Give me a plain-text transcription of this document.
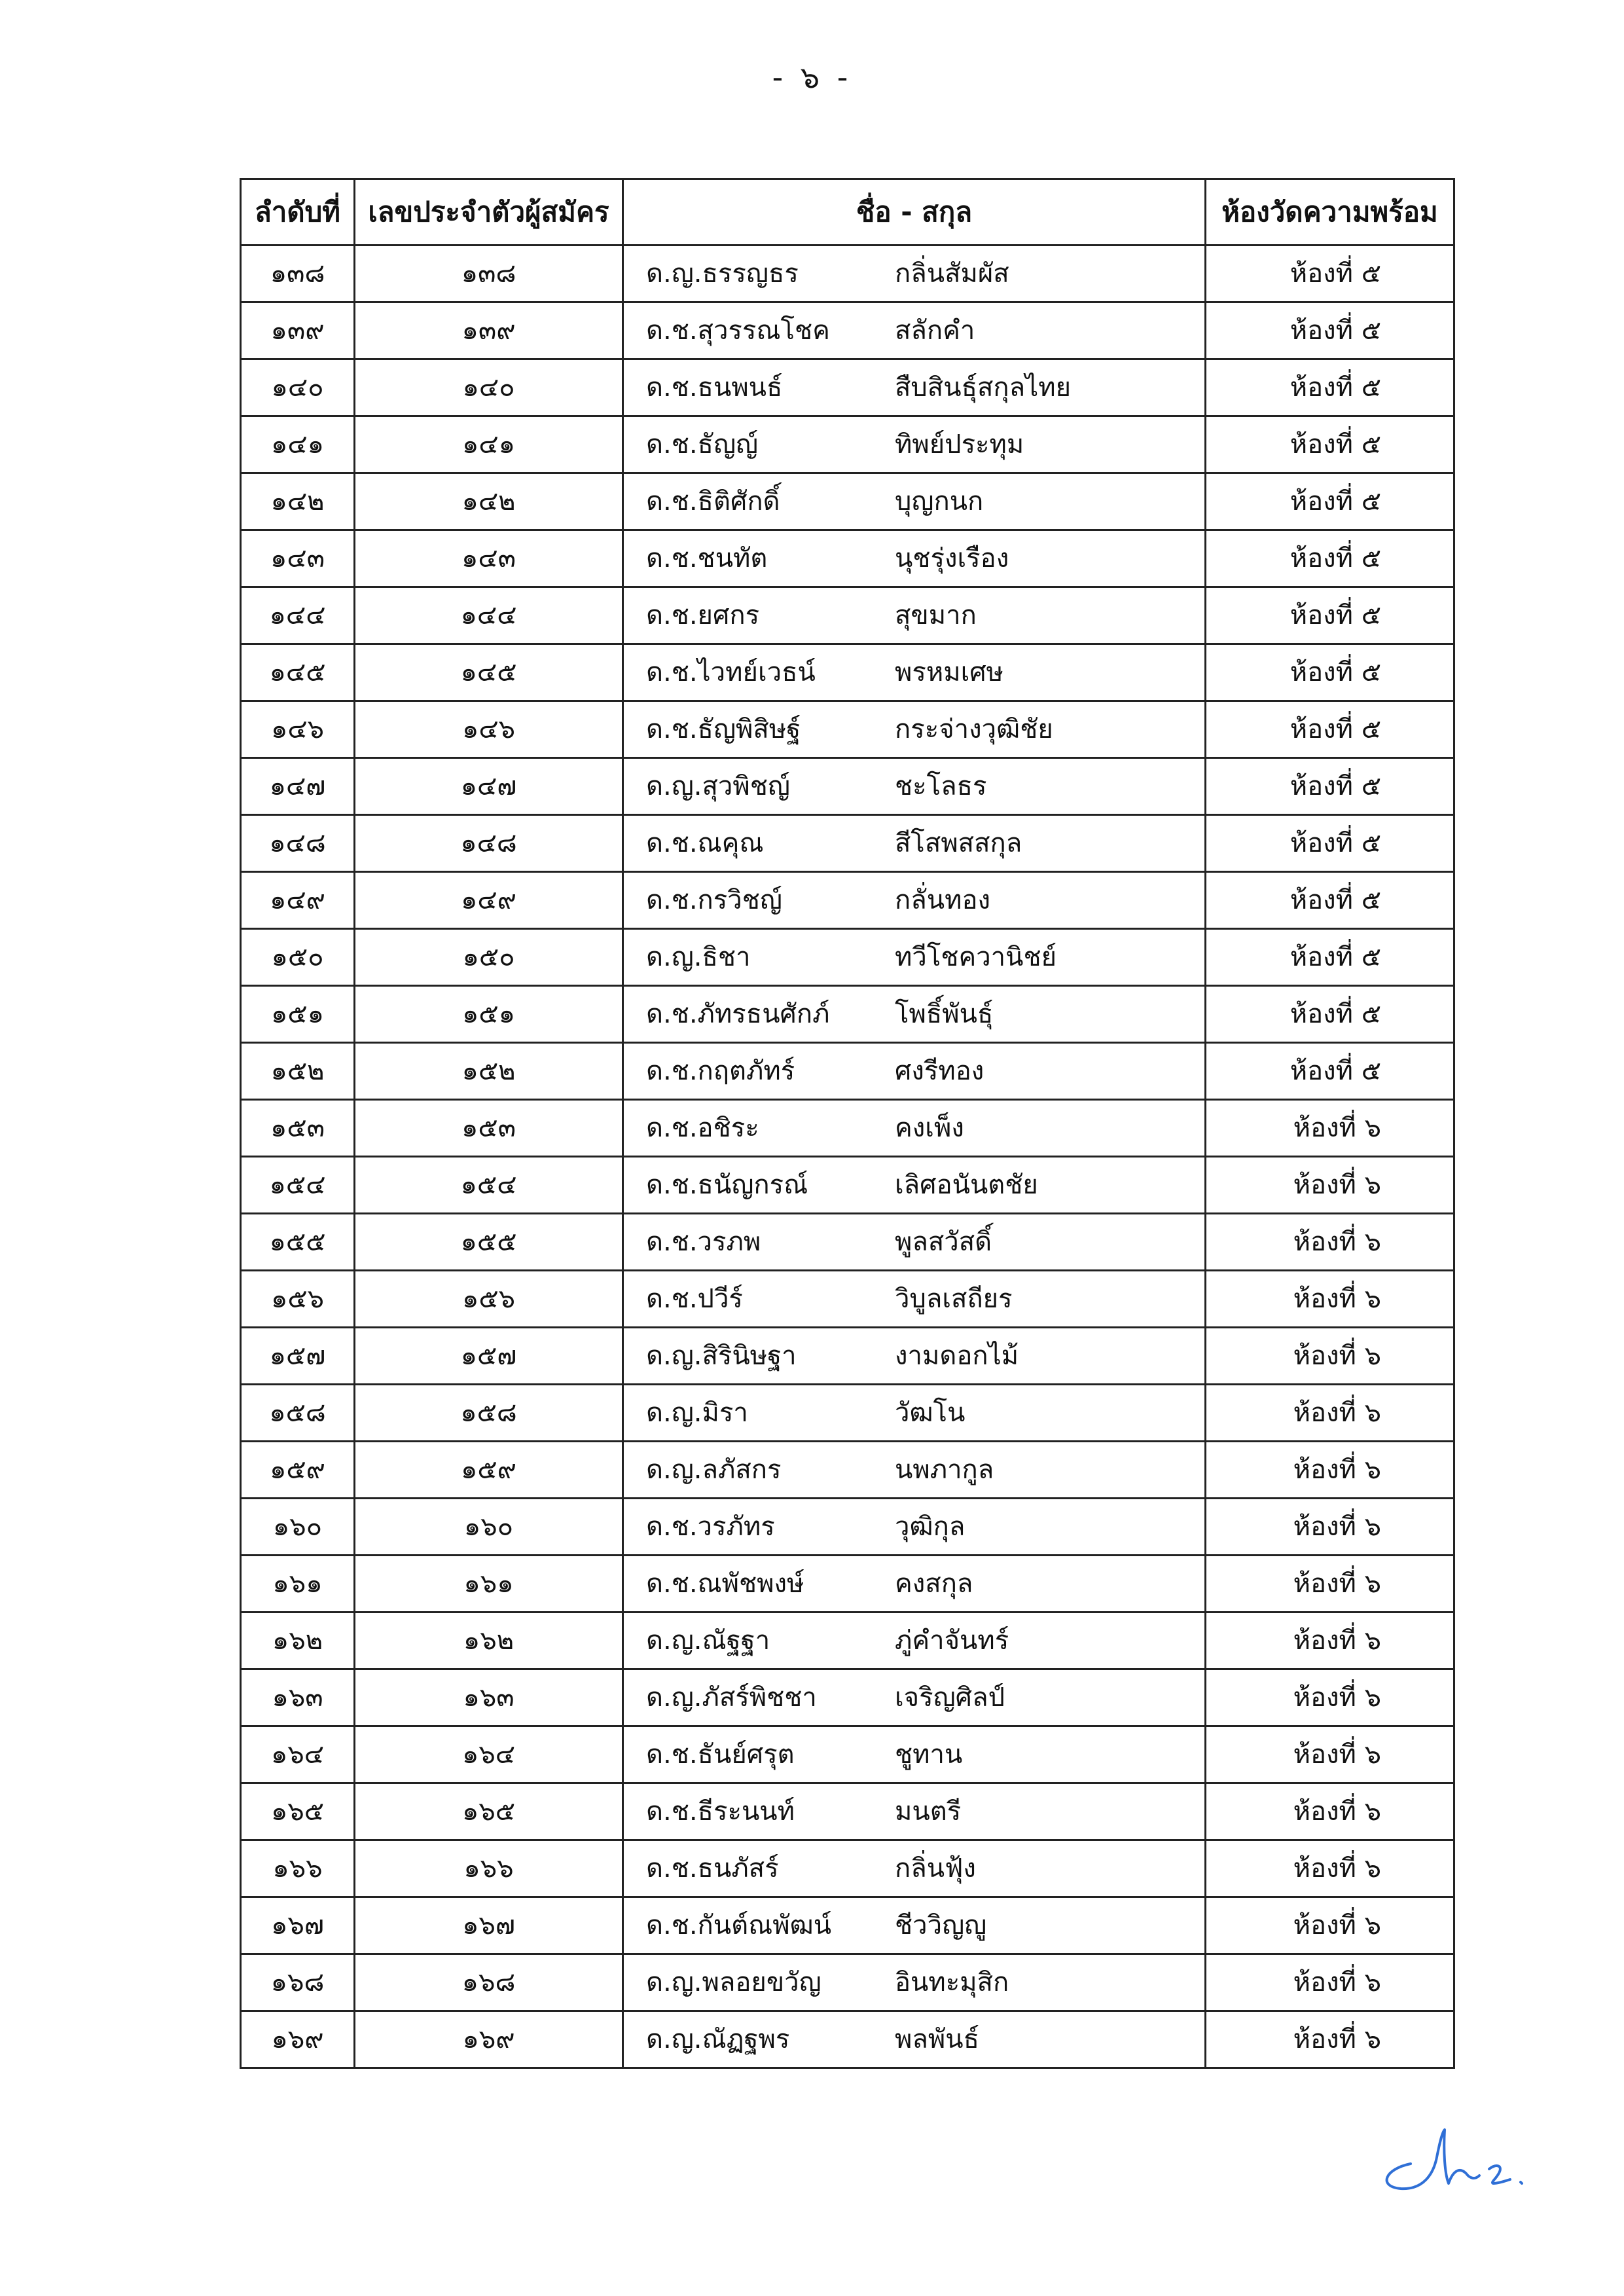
- ๖ -
ลำดับที่	เลขประจำตัวผู้สมัคร	ชื่อ - สกุล	ห้องวัดความพร้อม
๑๓๘	๑๓๘	ด.ญ.ธรรญธร กลิ่นสัมผัส	ห้องที่ ๕
๑๓๙	๑๓๙	ด.ช.สุวรรณโชค สลักคำ	ห้องที่ ๕
๑๔๐	๑๔๐	ด.ช.ธนพนธ์ สืบสินธุ์สกุลไทย	ห้องที่ ๕
๑๔๑	๑๔๑	ด.ช.ธัญญ์ ทิพย์ประทุม	ห้องที่ ๕
๑๔๒	๑๔๒	ด.ช.ธิติศักดิ์ บุญกนก	ห้องที่ ๕
๑๔๓	๑๔๓	ด.ช.ชนทัต นุชรุ่งเรือง	ห้องที่ ๕
๑๔๔	๑๔๔	ด.ช.ยศกร สุขมาก	ห้องที่ ๕
๑๔๕	๑๔๕	ด.ช.ไวทย์เวธน์ พรหมเศษ	ห้องที่ ๕
๑๔๖	๑๔๖	ด.ช.ธัญพิสิษฐ์ กระจ่างวุฒิชัย	ห้องที่ ๕
๑๔๗	๑๔๗	ด.ญ.สุวพิชญ์ ชะโลธร	ห้องที่ ๕
๑๔๘	๑๔๘	ด.ช.ณคุณ สีโสพสสกุล	ห้องที่ ๕
๑๔๙	๑๔๙	ด.ช.กรวิชญ์ กลั่นทอง	ห้องที่ ๕
๑๕๐	๑๕๐	ด.ญ.ธิชา ทวีโชควานิชย์	ห้องที่ ๕
๑๕๑	๑๕๑	ด.ช.ภัทรธนศักภ์ โพธิ์พันธุ์	ห้องที่ ๕
๑๕๒	๑๕๒	ด.ช.กฤตภัทร์ ศงรีทอง	ห้องที่ ๕
๑๕๓	๑๕๓	ด.ช.อชิระ คงเพ็ง	ห้องที่ ๖
๑๕๔	๑๕๔	ด.ช.ธนัญกรณ์ เลิศอนันตชัย	ห้องที่ ๖
๑๕๕	๑๕๕	ด.ช.วรภพ พูลสวัสดิ์	ห้องที่ ๖
๑๕๖	๑๕๖	ด.ช.ปวีร์ วิบูลเสถียร	ห้องที่ ๖
๑๕๗	๑๕๗	ด.ญ.สิรินิษฐา งามดอกไม้	ห้องที่ ๖
๑๕๘	๑๕๘	ด.ญ.มิรา วัฒโน	ห้องที่ ๖
๑๕๙	๑๕๙	ด.ญ.ลภัสกร นพภากูล	ห้องที่ ๖
๑๖๐	๑๖๐	ด.ช.วรภัทร วุฒิกุล	ห้องที่ ๖
๑๖๑	๑๖๑	ด.ช.ณพัชพงษ์ คงสกุล	ห้องที่ ๖
๑๖๒	๑๖๒	ด.ญ.ณัฐฐา ภู่คำจันทร์	ห้องที่ ๖
๑๖๓	๑๖๓	ด.ญ.ภัสร์พิชชา เจริญศิลป์	ห้องที่ ๖
๑๖๔	๑๖๔	ด.ช.ธันย์ศรุต ชูทาน	ห้องที่ ๖
๑๖๕	๑๖๕	ด.ช.ธีระนนท์ มนตรี	ห้องที่ ๖
๑๖๖	๑๖๖	ด.ช.ธนภัสร์ กลิ่นฟุ้ง	ห้องที่ ๖
๑๖๗	๑๖๗	ด.ช.กันต์ณพัฒน์ ชีววิญญู	ห้องที่ ๖
๑๖๘	๑๖๘	ด.ญ.พลอยขวัญ อินทะมุสิก	ห้องที่ ๖
๑๖๙	๑๖๙	ด.ญ.ณัฏฐพร พลพันธ์	ห้องที่ ๖
